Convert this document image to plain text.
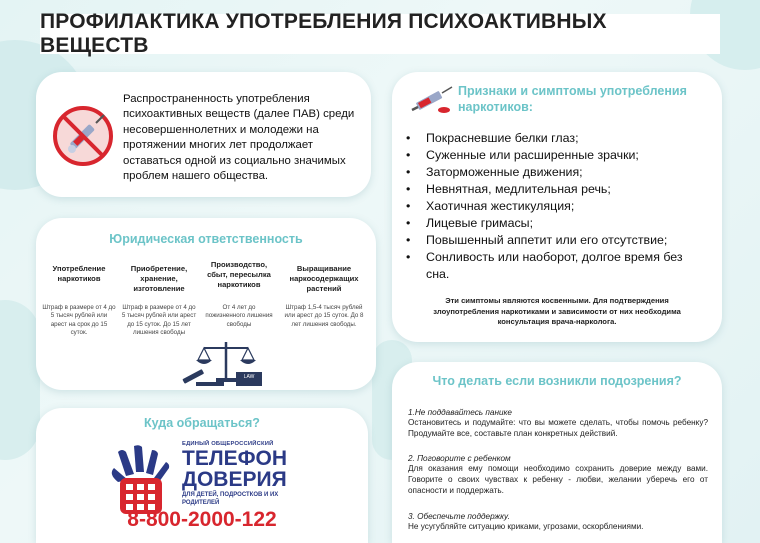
ПРОФИЛАКТИКА УПОТРЕБЛЕНИЯ ПСИХОАКТИВНЫХ ВЕЩЕСТВ
Распространенность употребления психоактивных веществ (далее ПАВ) среди несовершеннолетних и молодежи на протяжении многих лет продолжает оставаться одной из социально значимых проблем нашего общества.
Юридическая ответственность
Употребление наркотиков
Штраф в размере от 4 до 5 тысяч рублей или арест на срок до 15 суток.
Приобретение, хранение, изготовление
Штраф в размере от 4 до 5 тысяч рублей или арест до 15 суток. До 15 лет лишения свободы
Производство, сбыт, пересылка наркотиков
От 4 лет до пожизненного лишения свободы
Выращивание наркосодержащих растений
Штраф 1,5-4 тысяч рублей или арест до 15 суток. До 8 лет лишения свободы.
LAW
Куда обращаться?
ЕДИНЫЙ ОБЩЕРОССИЙСКИЙ
ТЕЛЕФОН
ДОВЕРИЯ
ДЛЯ ДЕТЕЙ, ПОДРОСТКОВ И ИХ РОДИТЕЛЕЙ
8-800-2000-122
Признаки и симптомы употребления наркотиков:
• Покрасневшие белки глаз;
• Суженные или расширенные зрачки;
• Заторможенные движения;
• Невнятная, медлительная речь;
• Хаотичная жестикуляция;
• Лицевые гримасы;
• Повышенный аппетит или его отсутствие;
• Сонливость или наоборот, долгое время без сна.
Эти симптомы являются косвенными. Для подтверждения злоупотребления наркотиками и зависимости от них необходима консультация врача-нарколога.
Что делать если возникли подозрения?
1.Не поддавайтесь панике
Остановитесь и подумайте: что вы можете сделать, чтобы помочь ребенку? Продумайте все, составьте план конкретных действий.
2. Поговорите с ребенком
Для оказания ему помощи необходимо сохранить доверие между вами. Говорите о своих чувствах к ребенку - любви, желании уберечь его от опасности и поддержать.
3. Обеспечьте поддержку.
Не усугубляйте ситуацию криками, угрозами, оскорблениями.
